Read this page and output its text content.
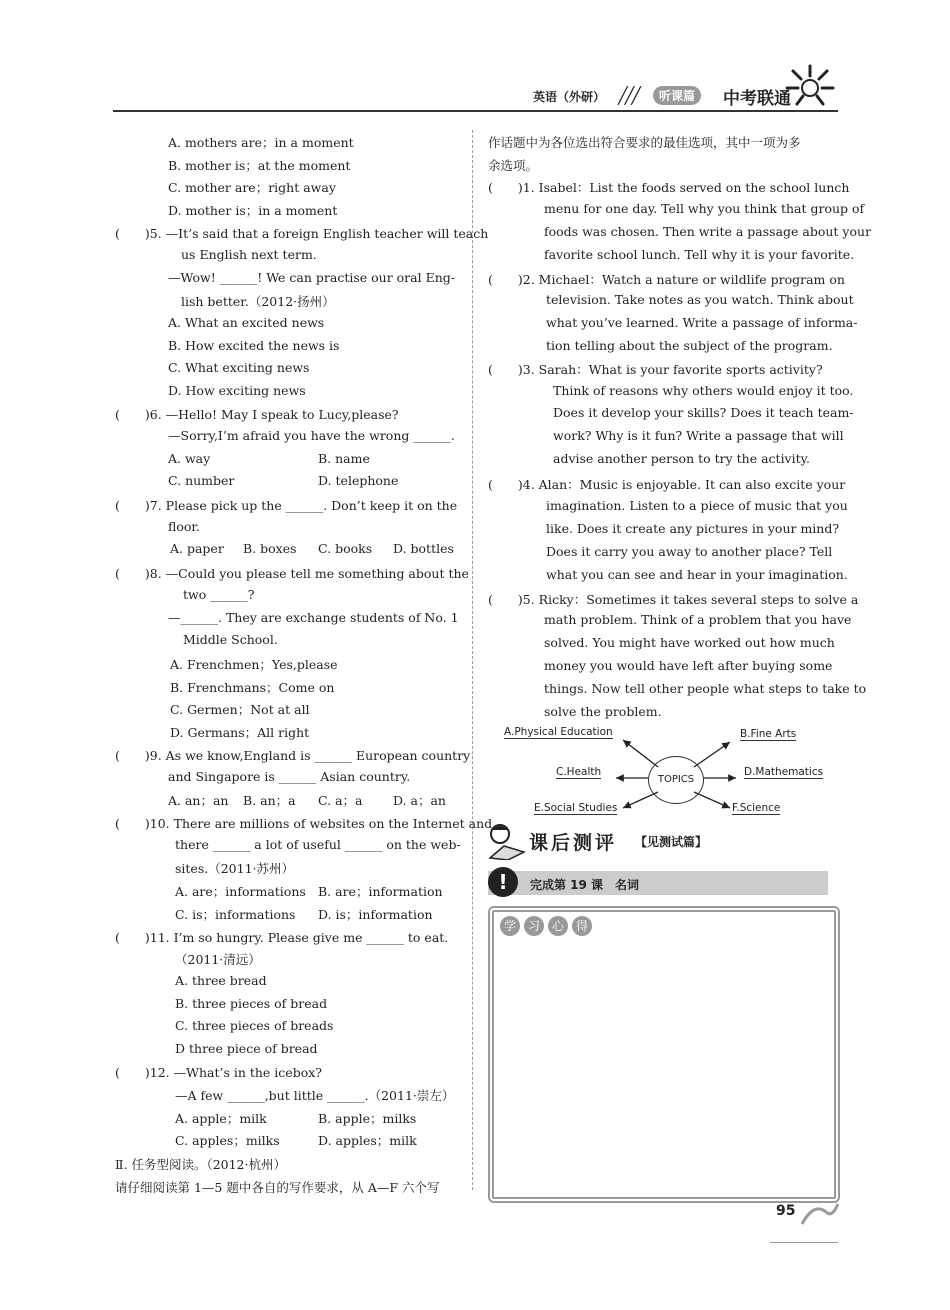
英语（外研） ╱╱╱	听课篇	中考联通
A. mothers are；in a moment
B. mother is；at the moment
C. mother are；right away
D. mother is；in a moment
(　　)5. —It’s said that a foreign English teacher will teach
us English next term.
—Wow! ______! We can practise our oral Eng-
lish better.（2012·扬州）
A. What an excited news
B. How excited the news is
C. What exciting news
D. How exciting news
(　　)6. —Hello! May I speak to Lucy,please?
—Sorry,I’m afraid you have the wrong ______.
A. way	B. name
C. number	D. telephone
(　　)7. Please pick up the ______. Don’t keep it on the
floor.
A. paper B. boxes C. books D. bottles
(　　)8. —Could you please tell me something about the
two ______?
—______. They are exchange students of No. 1
Middle School.
A. Frenchmen；Yes,please
B. Frenchmans；Come on
C. Germen；Not at all
D. Germans；All right
(　　)9. As we know,England is ______ European country
and Singapore is ______ Asian country.
A. an；an B. an；a C. a；a D. a；an
(　　)10. There are millions of websites on the Internet and
there ______ a lot of useful ______ on the web-
sites.（2011·苏州）
A. are；informations B. are；information
C. is；informations D. is；information
(　　)11. I’m so hungry. Please give me ______ to eat.
（2011·清远）
A. three bread
B. three pieces of bread
C. three pieces of breads
D three piece of bread
(　　)12. —What’s in the icebox?
—A few ______,but little ______.（2011·崇左）
A. apple；milk	B. apple；milks
C. apples；milks	D. apples；milk
Ⅱ. 任务型阅读。（2012·杭州）
请仔细阅读第 1—5 题中各自的写作要求，从 A—F 六个写
作话题中为各位选出符合要求的最佳选项，其中一项为多
余选项。
(　　)1. Isabel：List the foods served on the school lunch
menu for one day. Tell why you think that group of
foods was chosen. Then write a passage about your
favorite school lunch. Tell why it is your favorite.
(　　)2. Michael：Watch a nature or wildlife program on
television. Take notes as you watch. Think about
what you’ve learned. Write a passage of informa-
tion telling about the subject of the program.
(　　)3. Sarah：What is your favorite sports activity?
Think of reasons why others would enjoy it too.
Does it develop your skills? Does it teach team-
work? Why is it fun? Write a passage that will
advise another person to try the activity.
(　　)4. Alan：Music is enjoyable. It can also excite your
imagination. Listen to a piece of music that you
like. Does it create any pictures in your mind?
Does it carry you away to another place? Tell
what you can see and hear in your imagination.
(　　)5. Ricky：Sometimes it takes several steps to solve a
math problem. Think of a problem that you have
solved. You might have worked out how much
money you would have left after buying some
things. Now tell other people what steps to take to
solve the problem.
TOPICS
A.Physical Education	B.Fine Arts
C.Health	D.Mathematics
E.Social Studies	F.Science
课后测评 【见测试篇】
!	完成第 19 课　名词
学 习 心 得
95
